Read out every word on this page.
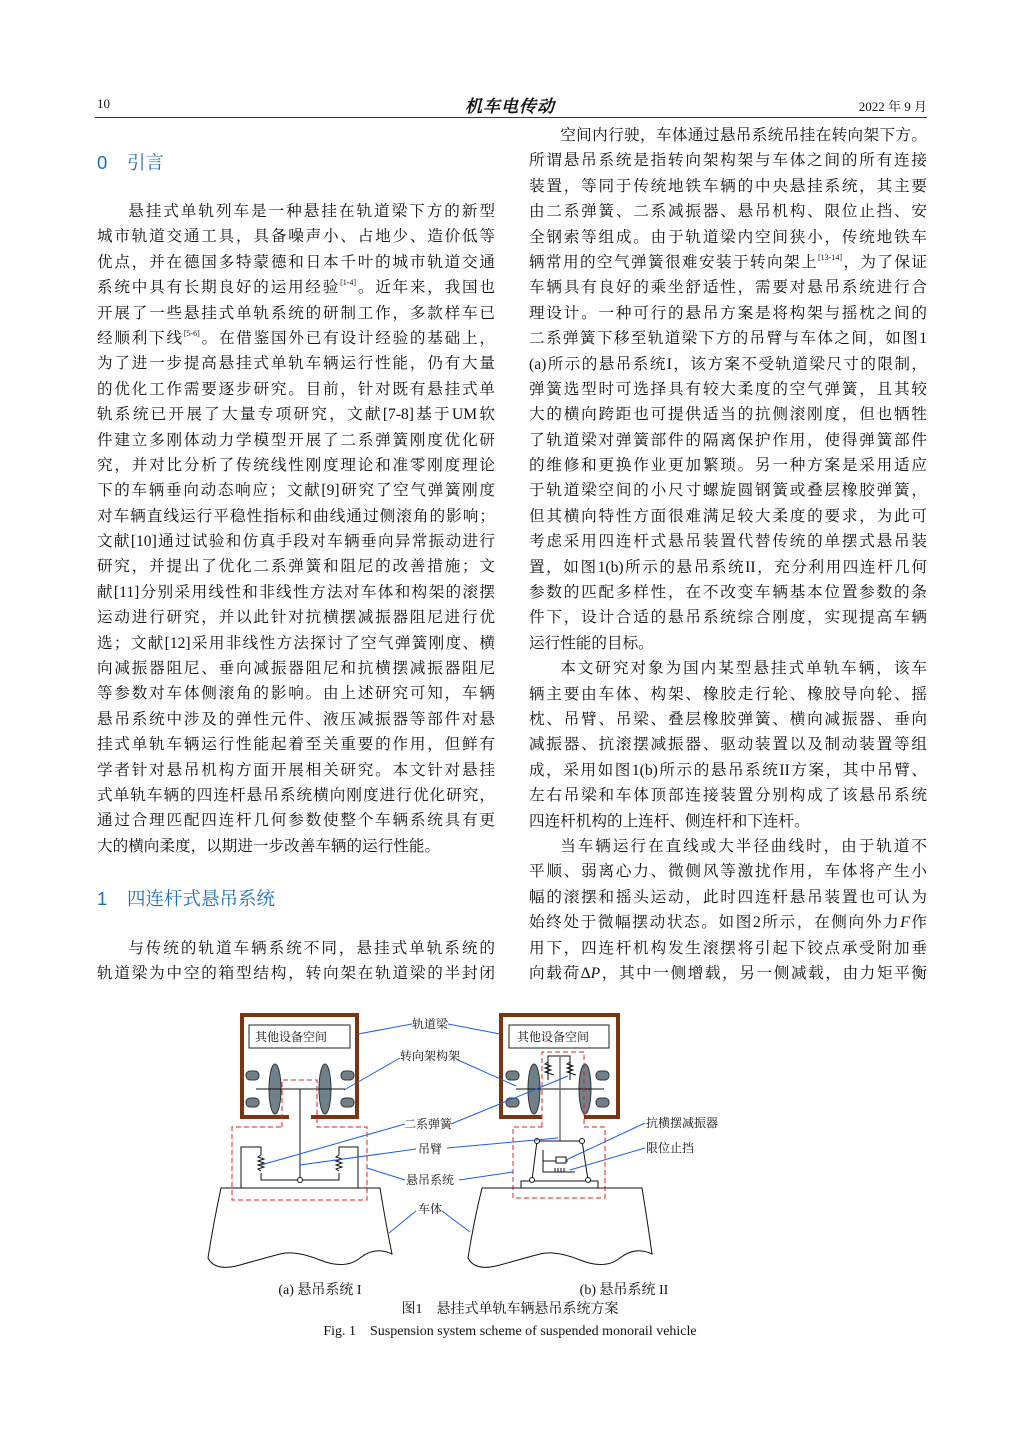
10	机车电传动	2022 年 9 月
0 引言
悬挂式单轨列车是一种悬挂在轨道梁下方的新型
城市轨道交通工具，具备噪声小、占地少、造价低等
优点，并在德国多特蒙德和日本千叶的城市轨道交通
系统中具有长期良好的运用经验[1-4]。近年来，我国也
开展了一些悬挂式单轨系统的研制工作，多款样车已
经顺利下线[5-6]。在借鉴国外已有设计经验的基础上，
为了进一步提高悬挂式单轨车辆运行性能，仍有大量
的优化工作需要逐步研究。目前，针对既有悬挂式单
轨系统已开展了大量专项研究，文献[7-8]基于UM软
件建立多刚体动力学模型开展了二系弹簧刚度优化研
究，并对比分析了传统线性刚度理论和准零刚度理论
下的车辆垂向动态响应；文献[9]研究了空气弹簧刚度
对车辆直线运行平稳性指标和曲线通过侧滚角的影响；
文献[10]通过试验和仿真手段对车辆垂向异常振动进行
研究，并提出了优化二系弹簧和阻尼的改善措施；文
献[11]分别采用线性和非线性方法对车体和构架的滚摆
运动进行研究，并以此针对抗横摆减振器阻尼进行优
选；文献[12]采用非线性方法探讨了空气弹簧刚度、横
向减振器阻尼、垂向减振器阻尼和抗横摆减振器阻尼
等参数对车体侧滚角的影响。由上述研究可知，车辆
悬吊系统中涉及的弹性元件、液压减振器等部件对悬
挂式单轨车辆运行性能起着至关重要的作用，但鲜有
学者针对悬吊机构方面开展相关研究。本文针对悬挂
式单轨车辆的四连杆悬吊系统横向刚度进行优化研究，
通过合理匹配四连杆几何参数使整个车辆系统具有更
大的横向柔度，以期进一步改善车辆的运行性能。
1 四连杆式悬吊系统
与传统的轨道车辆系统不同，悬挂式单轨系统的
轨道梁为中空的箱型结构，转向架在轨道梁的半封闭
空间内行驶，车体通过悬吊系统吊挂在转向架下方。
所谓悬吊系统是指转向架构架与车体之间的所有连接
装置，等同于传统地铁车辆的中央悬挂系统，其主要
由二系弹簧、二系减振器、悬吊机构、限位止挡、安
全钢索等组成。由于轨道梁内空间狭小，传统地铁车
辆常用的空气弹簧很难安装于转向架上[13-14]，为了保证
车辆具有良好的乘坐舒适性，需要对悬吊系统进行合
理设计。一种可行的悬吊方案是将构架与摇枕之间的
二系弹簧下移至轨道梁下方的吊臂与车体之间，如图1
(a)所示的悬吊系统I，该方案不受轨道梁尺寸的限制，
弹簧选型时可选择具有较大柔度的空气弹簧，且其较
大的横向跨距也可提供适当的抗侧滚刚度，但也牺牲
了轨道梁对弹簧部件的隔离保护作用，使得弹簧部件
的维修和更换作业更加繁琐。另一种方案是采用适应
于轨道梁空间的小尺寸螺旋圆钢簧或叠层橡胶弹簧，
但其横向特性方面很难满足较大柔度的要求，为此可
考虑采用四连杆式悬吊装置代替传统的单摆式悬吊装
置，如图1(b)所示的悬吊系统II，充分利用四连杆几何
参数的匹配多样性，在不改变车辆基本位置参数的条
件下，设计合适的悬吊系统综合刚度，实现提高车辆
运行性能的目标。
本文研究对象为国内某型悬挂式单轨车辆，该车
辆主要由车体、构架、橡胶走行轮、橡胶导向轮、摇
枕、吊臂、吊梁、叠层橡胶弹簧、横向减振器、垂向
减振器、抗滚摆减振器、驱动装置以及制动装置等组
成，采用如图1(b)所示的悬吊系统II方案，其中吊臂、
左右吊梁和车体顶部连接装置分别构成了该悬吊系统
四连杆机构的上连杆、侧连杆和下连杆。
当车辆运行在直线或大半径曲线时，由于轨道不
平顺、弱离心力、微侧风等激扰作用，车体将产生小
幅的滚摆和摇头运动，此时四连杆悬吊装置也可认为
始终处于微幅摆动状态。如图2所示，在侧向外力F作
用下，四连杆机构发生滚摆将引起下铰点承受附加垂
向载荷ΔP，其中一侧增载，另一侧减载，由力矩平衡
其他设备空间	其他设备空间
轨道梁
转向架构架
二系弹簧
吊臂
悬吊系统
车体
抗横摆减振器
限位止挡
(a) 悬吊系统 I	(b) 悬吊系统 II
图1　悬挂式单轨车辆悬吊系统方案
Fig. 1　Suspension system scheme of suspended monorail vehicle
